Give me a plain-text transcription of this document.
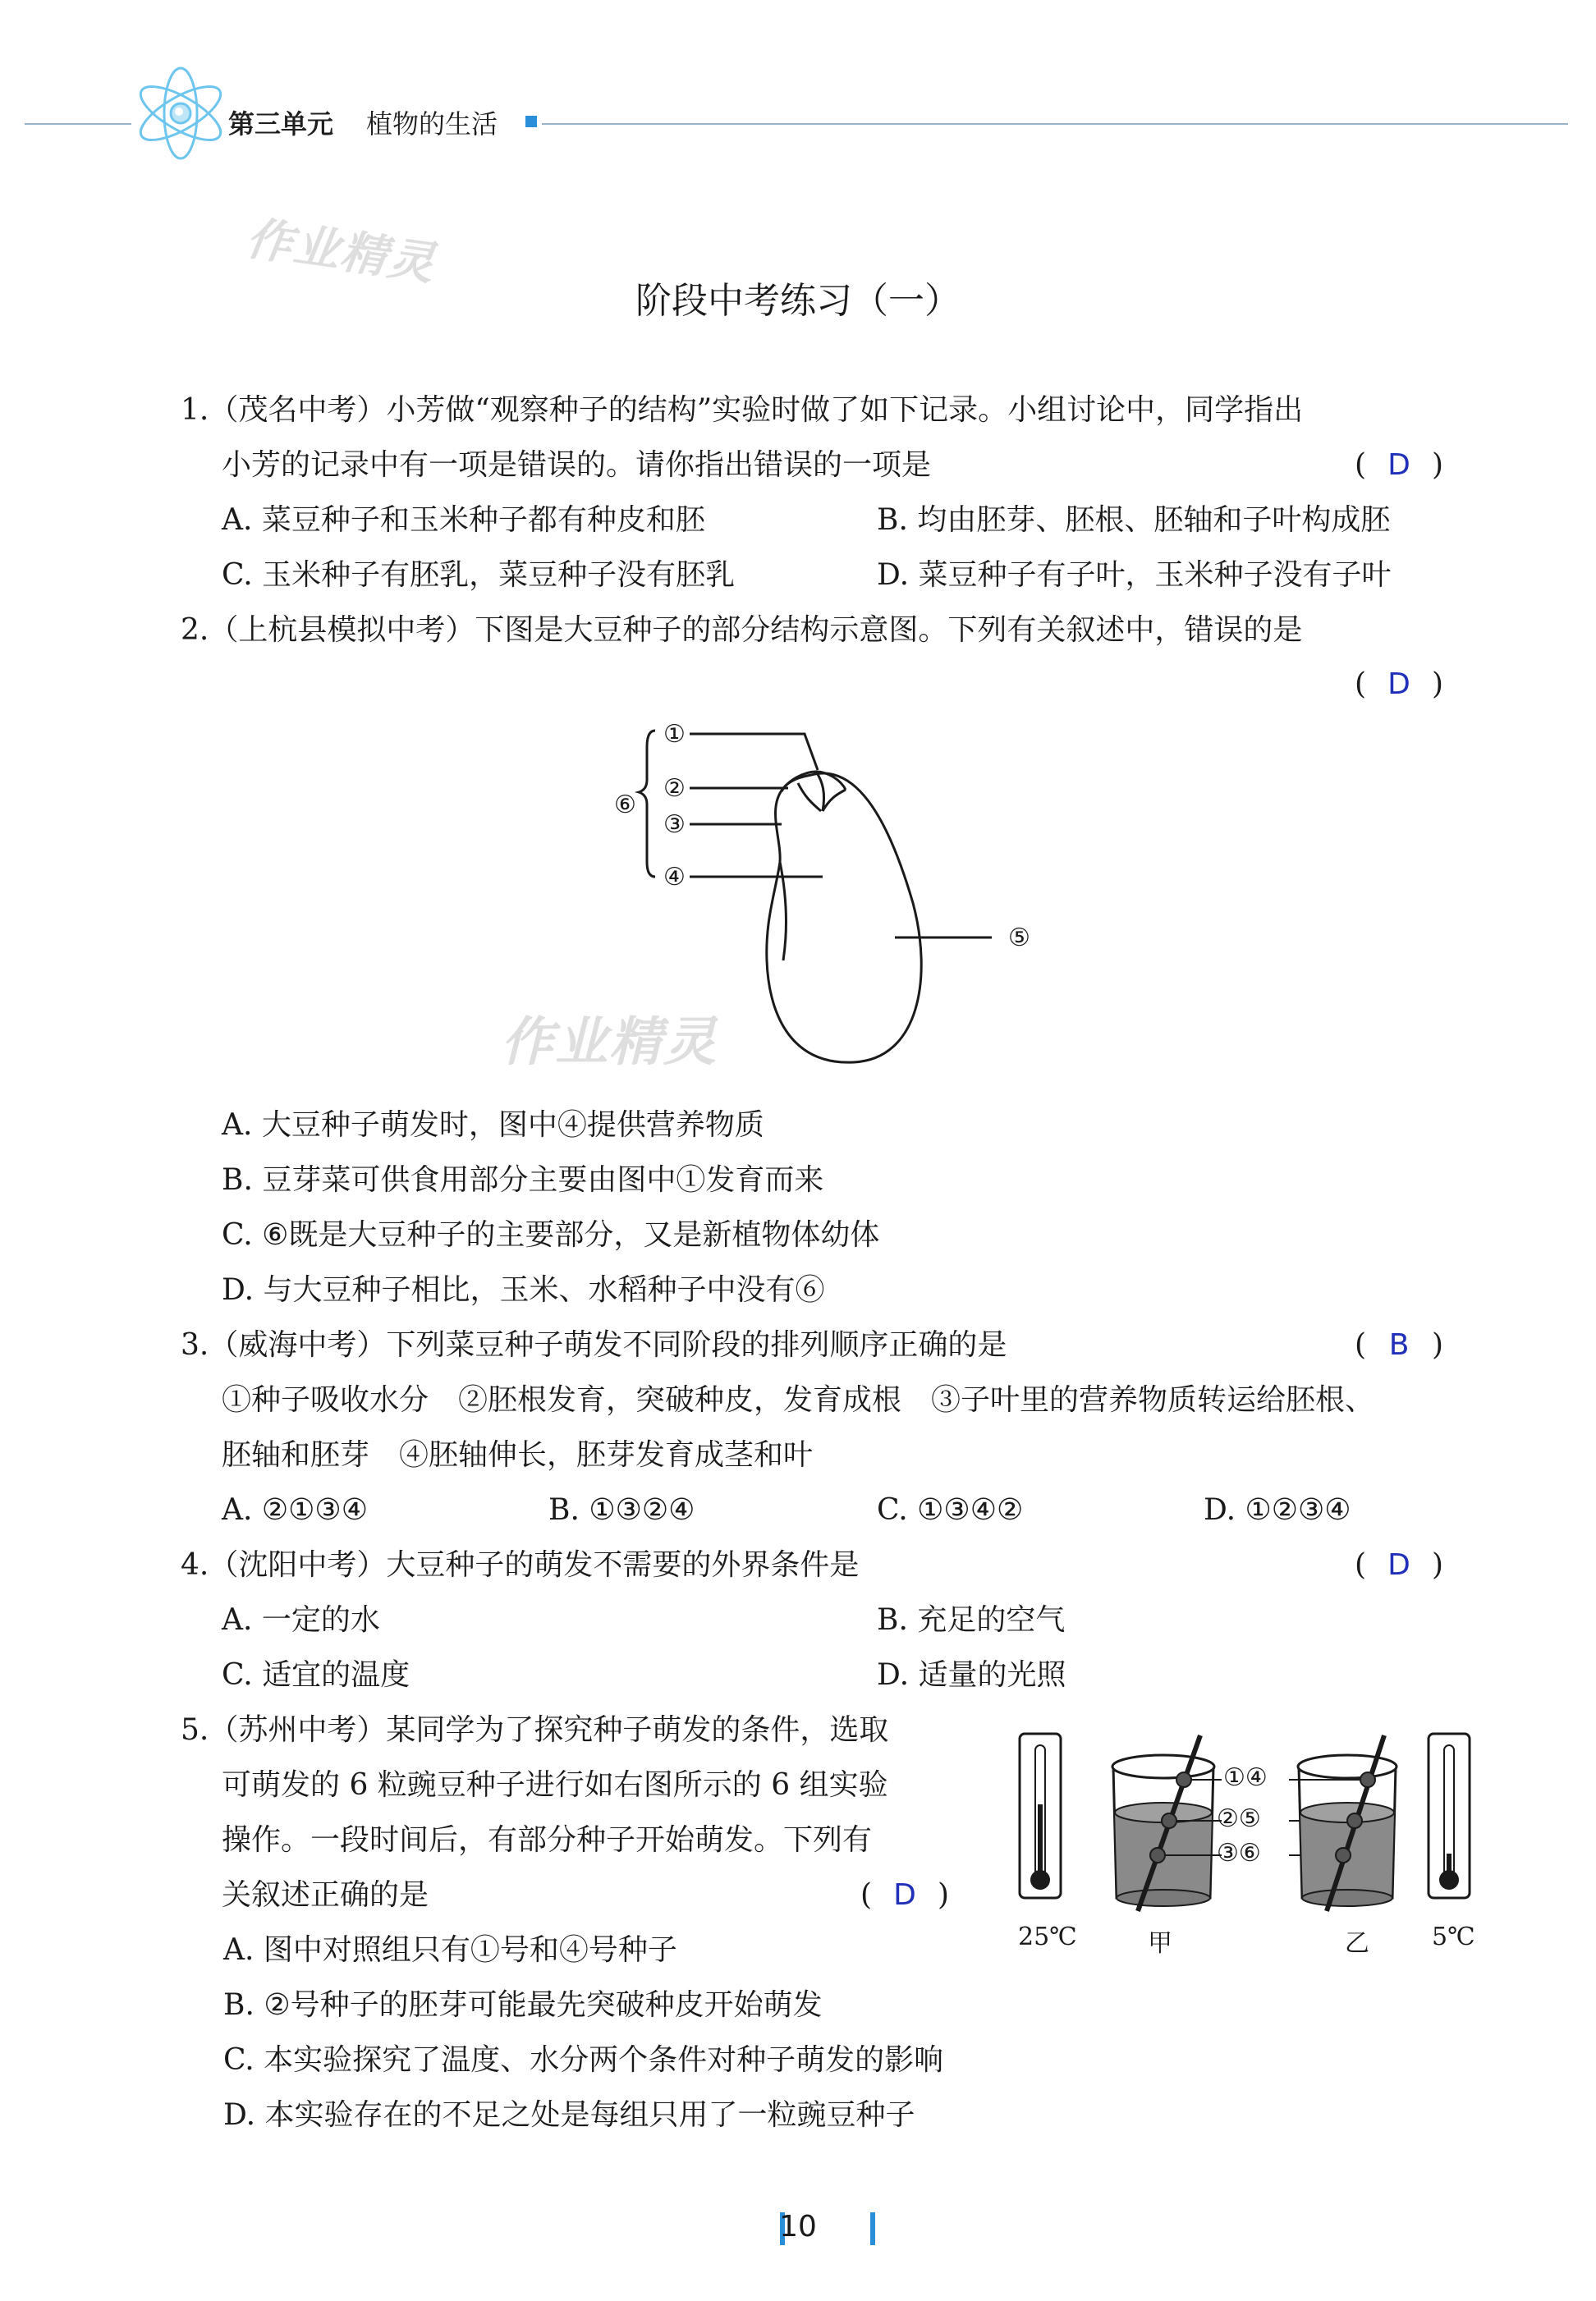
第三单元 植物的生活
作业精灵
阶段中考练习（一）
1.（茂名中考）小芳做“观察种子的结构”实验时做了如下记录。小组讨论中，同学指出
小芳的记录中有一项是错误的。请你指出错误的一项是	( D )
A. 菜豆种子和玉米种子都有种皮和胚	B. 均由胚芽、胚根、胚轴和子叶构成胚
C. 玉米种子有胚乳，菜豆种子没有胚乳	D. 菜豆种子有子叶，玉米种子没有子叶
2.（上杭县模拟中考）下图是大豆种子的部分结构示意图。下列有关叙述中，错误的是
( D )
①
②
③
④
⑤
⑥
作业精灵
A. 大豆种子萌发时，图中④提供营养物质
B. 豆芽菜可供食用部分主要由图中①发育而来
C. ⑥既是大豆种子的主要部分，又是新植物体幼体
D. 与大豆种子相比，玉米、水稻种子中没有⑥
3.（威海中考）下列菜豆种子萌发不同阶段的排列顺序正确的是	( B )
①种子吸收水分　②胚根发育，突破种皮，发育成根　③子叶里的营养物质转运给胚根、
胚轴和胚芽　④胚轴伸长，胚芽发育成茎和叶
A. ②①③④	B. ①③②④	C. ①③④②	D. ①②③④
4.（沈阳中考）大豆种子的萌发不需要的外界条件是	( D )
A. 一定的水	B. 充足的空气
C. 适宜的温度	D. 适量的光照
5.（苏州中考）某同学为了探究种子萌发的条件，选取
可萌发的 6 粒豌豆种子进行如右图所示的 6 组实验
操作。一段时间后，有部分种子开始萌发。下列有
关叙述正确的是	( D )
①④
②⑤
③⑥
25℃	甲	乙	5℃
A. 图中对照组只有①号和④号种子
B. ②号种子的胚芽可能最先突破种皮开始萌发
C. 本实验探究了温度、水分两个条件对种子萌发的影响
D. 本实验存在的不足之处是每组只用了一粒豌豆种子
10
